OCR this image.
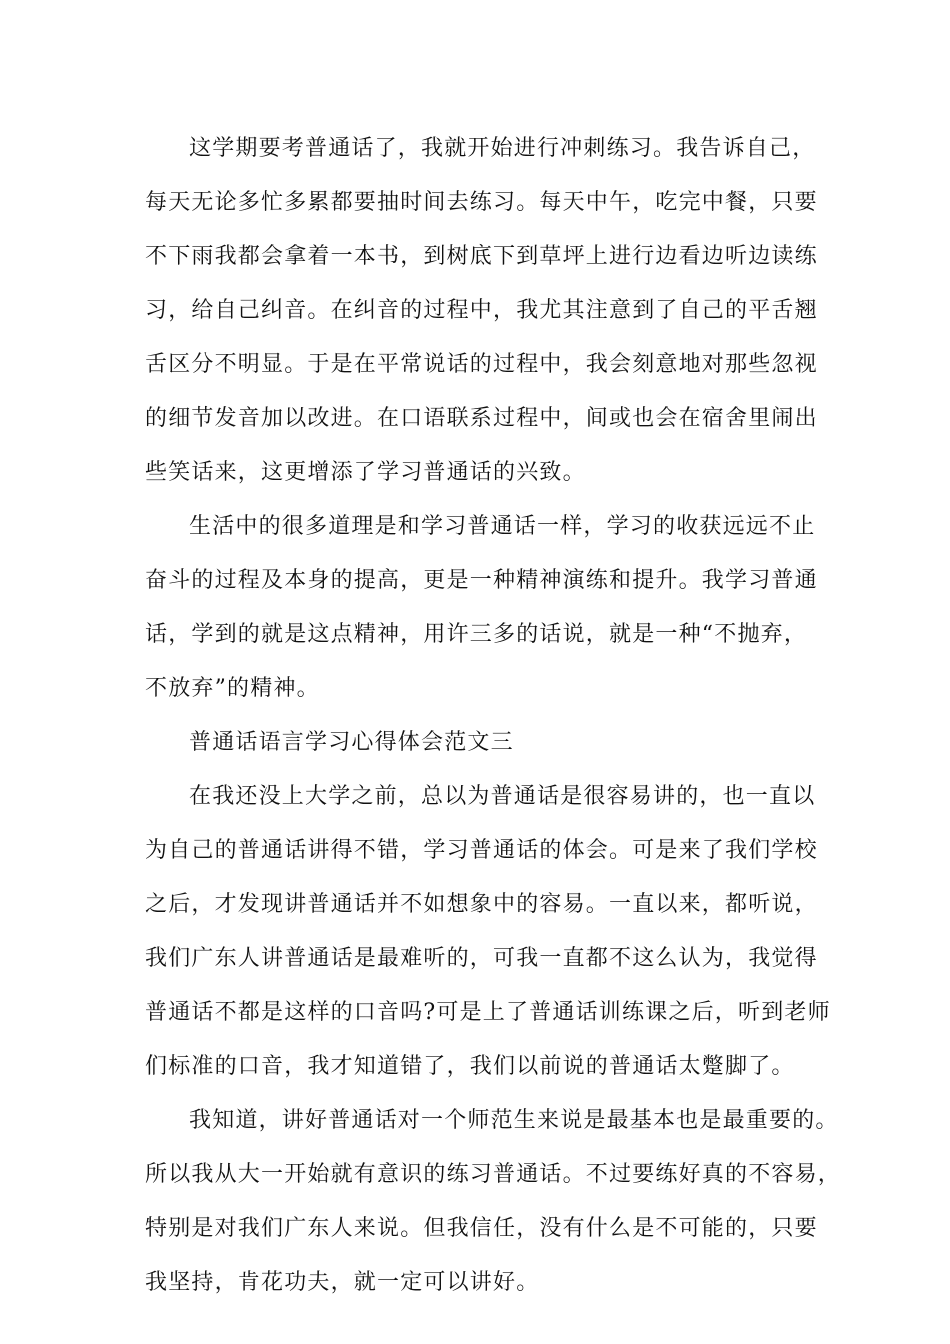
这学期要考普通话了，我就开始进行冲刺练习。我告诉自己，
每天无论多忙多累都要抽时间去练习。每天中午，吃完中餐，只要
不下雨我都会拿着一本书，到树底下到草坪上进行边看边听边读练
习，给自己纠音。在纠音的过程中，我尤其注意到了自己的平舌翘
舌区分不明显。于是在平常说话的过程中，我会刻意地对那些忽视
的细节发音加以改进。在口语联系过程中，间或也会在宿舍里闹出
些笑话来，这更增添了学习普通话的兴致。
生活中的很多道理是和学习普通话一样，学习的收获远远不止
奋斗的过程及本身的提高，更是一种精神演练和提升。我学习普通
话，学到的就是这点精神，用许三多的话说，就是一种“不抛弃，
不放弃”的精神。
普通话语言学习心得体会范文三
在我还没上大学之前，总以为普通话是很容易讲的，也一直以
为自己的普通话讲得不错，学习普通话的体会。可是来了我们学校
之后，才发现讲普通话并不如想象中的容易。一直以来，都听说，
我们广东人讲普通话是最难听的，可我一直都不这么认为，我觉得
普通话不都是这样的口音吗?可是上了普通话训练课之后，听到老师
们标准的口音，我才知道错了，我们以前说的普通话太蹩脚了。
我知道，讲好普通话对一个师范生来说是最基本也是最重要的。
所以我从大一开始就有意识的练习普通话。不过要练好真的不容易，
特别是对我们广东人来说。但我信任，没有什么是不可能的，只要
我坚持，肯花功夫，就一定可以讲好。
